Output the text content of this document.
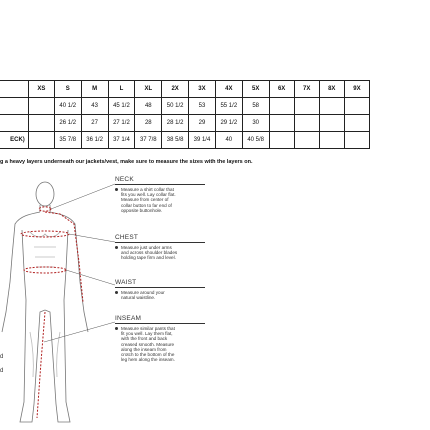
	XS	S	M	L	XL	2X	3X	4X	5X	6X	7X	8X	9X
		40 1/2	43	45 1/2	48	50 1/2	53	55 1/2	58				
		26 1/2	27	27 1/2	28	28 1/2	29	29 1/2	30				
ECK)		35 7/8	36 1/2	37 1/4	37 7/8	38 5/8	39 1/4	40	40 5/8				
g a heavy layers underneath our jackets/vest, make sure to measure the sizes with the layers on.
d
d
NECK
Measure a shirt collar that
fits you well. Lay collar flat.
Measure from center of
collar button to far end of
opposite buttonhole.
CHEST
Measure just under arms
and across shoulder blades
holding tape firm and level.
WAIST
Measure around your
natural waistline.
INSEAM
Measure similar pants that
fit you well. Lay them flat,
with the front and back
creased smooth. Measure
along the inseam from
crotch to the bottom of the
leg hem along the inseam.
